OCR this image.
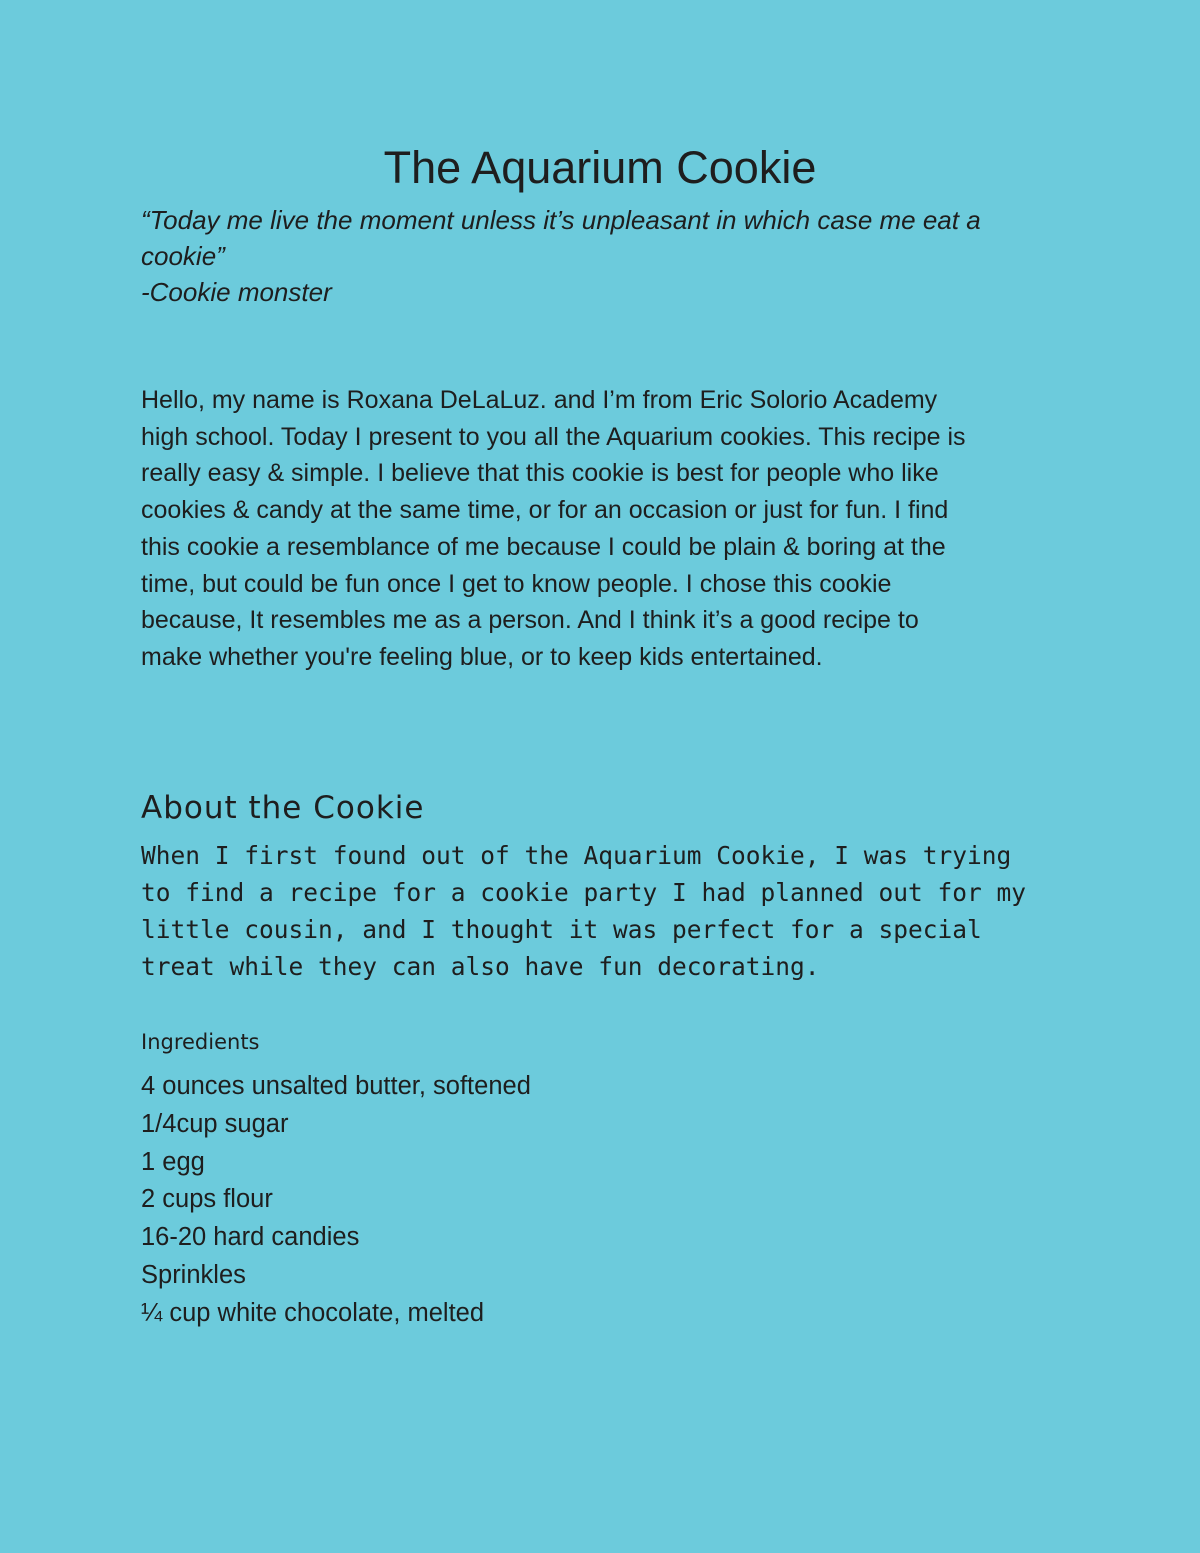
The Aquarium Cookie

“Today me live the moment unless it’s unpleasant in which case me eat a
cookie”
-Cookie monster

Hello, my name is Roxana DeLaLuz. and I’m from Eric Solorio Academy
high school. Today I present to you all the Aquarium cookies. This recipe is
really easy & simple. I believe that this cookie is best for people who like
cookies & candy at the same time, or for an occasion or just for fun. I find
this cookie a resemblance of me because I could be plain & boring at the
time, but could be fun once I get to know people. I chose this cookie
because, It resembles me as a person. And I think it’s a good recipe to
make whether you're feeling blue, or to keep kids entertained.

About the Cookie

When I first found out of the Aquarium Cookie, I was trying
to find a recipe for a cookie party I had planned out for my
little cousin, and I thought it was perfect for a special
treat while they can also have fun decorating.

Ingredients
4 ounces unsalted butter, softened
1/4cup sugar
1 egg
2 cups flour
16-20 hard candies
Sprinkles
¼ cup white chocolate, melted
